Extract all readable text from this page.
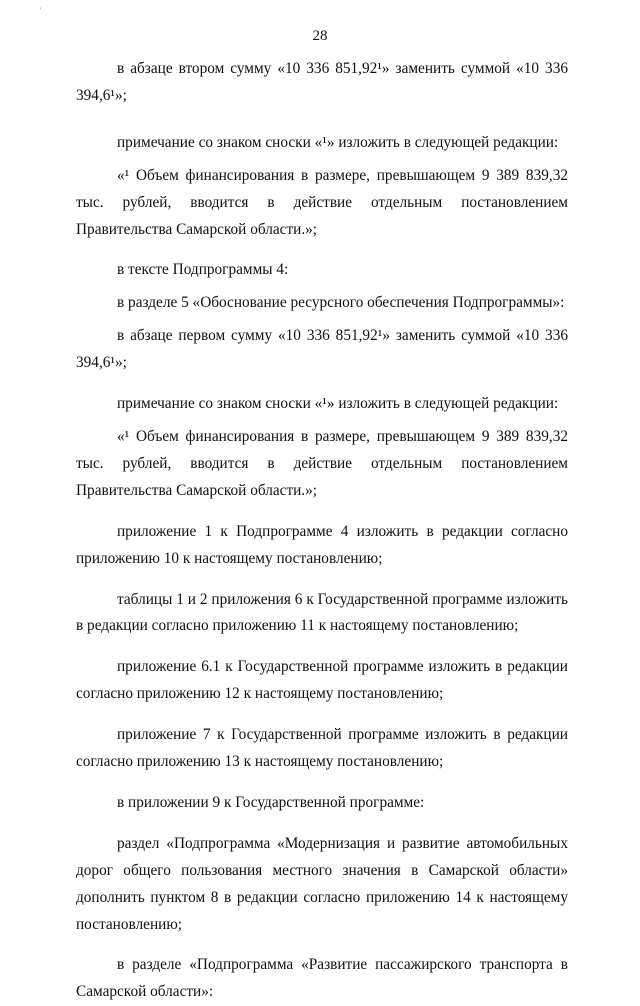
'
28

в абзаце втором сумму «10 336 851,92¹» заменить суммой «10 336 394,6¹»;

примечание со знаком сноски «¹» изложить в следующей редакции:

«¹ Объем финансирования в размере, превышающем 9 389 839,32 тыс. рублей, вводится в действие отдельным постановлением Правительства Самарской области.»;

в тексте Подпрограммы 4:

в разделе 5 «Обоснование ресурсного обеспечения Подпрограммы»:

в абзаце первом сумму «10 336 851,92¹» заменить суммой «10 336 394,6¹»;

примечание со знаком сноски «¹» изложить в следующей редакции:

«¹ Объем финансирования в размере, превышающем 9 389 839,32 тыс. рублей, вводится в действие отдельным постановлением Правительства Самарской области.»;

приложение 1 к Подпрограмме 4 изложить в редакции согласно приложению 10 к настоящему постановлению;

таблицы 1 и 2 приложения 6 к Государственной программе изложить в редакции согласно приложению 11 к настоящему постановлению;

приложение 6.1 к Государственной программе изложить в редакции согласно приложению 12 к настоящему постановлению;

приложение 7 к Государственной программе изложить в редакции согласно приложению 13 к настоящему постановлению;

в приложении 9 к Государственной программе:

раздел «Подпрограмма «Модернизация и развитие автомобильных дорог общего пользования местного значения в Самарской области» дополнить пунктом 8 в редакции согласно приложению 14 к настоящему постановлению;

в разделе «Подпрограмма «Развитие пассажирского транспорта в Самарской области»:
